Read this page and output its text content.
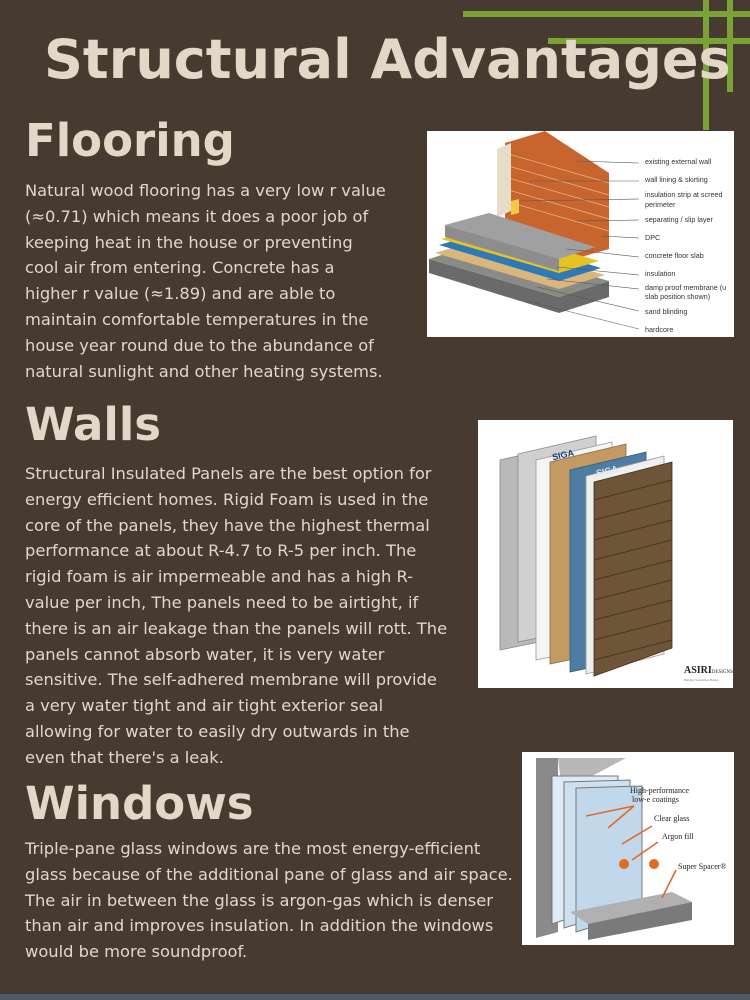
Structural Advantages
Flooring
Natural wood flooring has a very low r value
(≈0.71) which means it does a poor job of
keeping heat in the house or preventing
cool air from entering. Concrete has a
higher r value (≈1.89) and are able to
maintain comfortable temperatures in the
house year round due to the abundance of
natural sunlight and other heating systems.
existing external wall
wall lining & skirting
insulation strip at screed
perimeter
separating / slip layer
DPC
concrete floor slab
insulation
damp proof membrane (u
slab position shown)
sand blinding
hardcore
Walls
Structural Insulated Panels are the best option for
energy efficient homes. Rigid Foam is used in the
core of the panels, they have the highest thermal
performance at about R-4.7 to R-5 per inch. The
rigid foam is air impermeable and has a high R-
value per inch, The panels need to be airtight, if
there is an air leakage than the panels will rott. The
panels cannot absorb water, it is very water
sensitive. The self-adhered membrane will provide
a very water tight and air tight exterior seal
allowing for water to easily dry outwards in the
even that there's a leak.
SIGA
SIGA
ASIRIDESIGNS
Building Sustainable Homes
Windows
Triple-pane glass windows are the most energy-efficient
glass because of the additional pane of glass and air space.
The air in between the glass is argon-gas which is denser
than air and improves insulation. In addition the windows
would be more soundproof.
High-performance
low-e coatings
Clear glass
Argon fill
Super Spacer®
